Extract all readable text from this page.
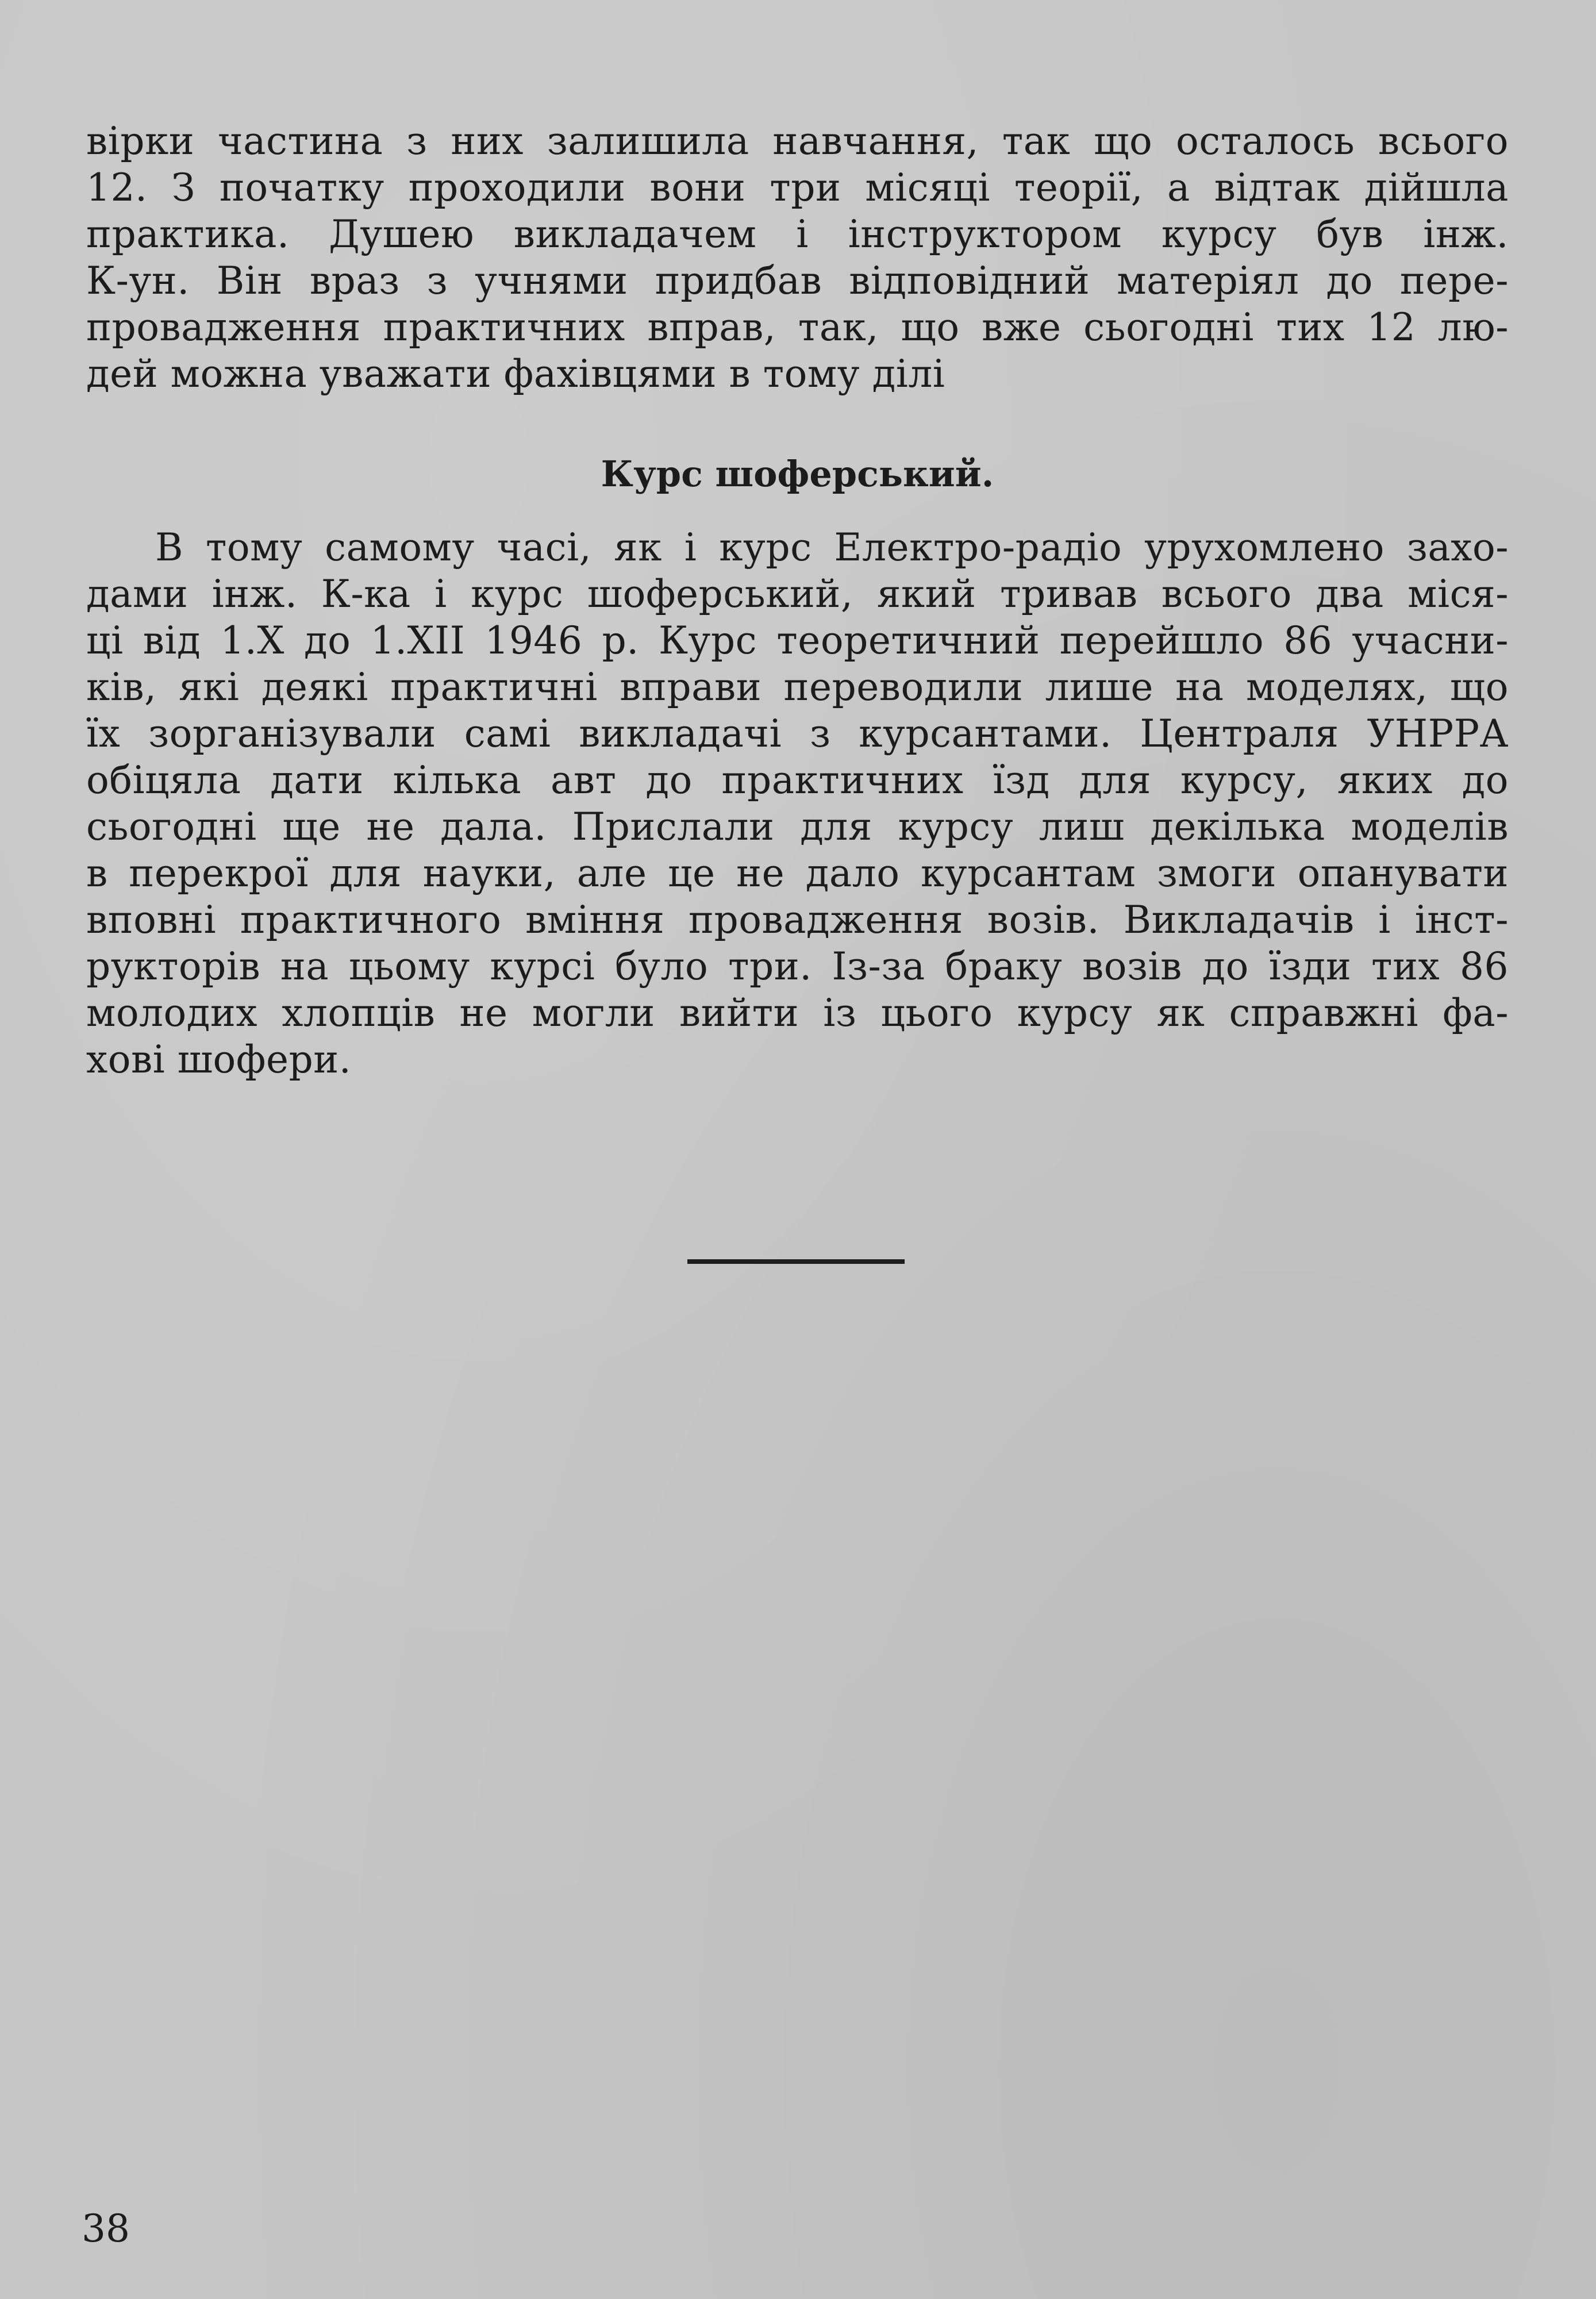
вірки частина з них залишила навчання, так що осталось всього
12. З початку проходили вони три місяці теорії, а відтак дійшла
практика. Душею викладачем і інструктором курсу був інж.
К-ун. Він враз з учнями придбав відповідний матеріял до пере-
провадження практичних вправ, так, що вже сьогодні тих 12 лю-
дей можна уважати фахівцями в тому ділі
Курс шоферський.
В тому самому часі, як і курс Електро-радіо урухомлено захо-
дами інж. К-ка і курс шоферський, який тривав всього два міся-
ці від 1.X до 1.XII 1946 р. Курс теоретичний перейшло 86 учасни-
ків, які деякі практичні вправи переводили лише на моделях, що
їх зорганізували самі викладачі з курсантами. Централя УНРРА
обіцяла дати кілька авт до практичних їзд для курсу, яких до
сьогодні ще не дала. Прислали для курсу лиш декілька моделів
в перекрої для науки, але це не дало курсантам змоги опанувати
вповні практичного вміння провадження возів. Викладачів і інст-
рукторів на цьому курсі було три. Із-за браку возів до їзди тих 86
молодих хлопців не могли вийти із цього курсу як справжні фа-
хові шофери.
38
